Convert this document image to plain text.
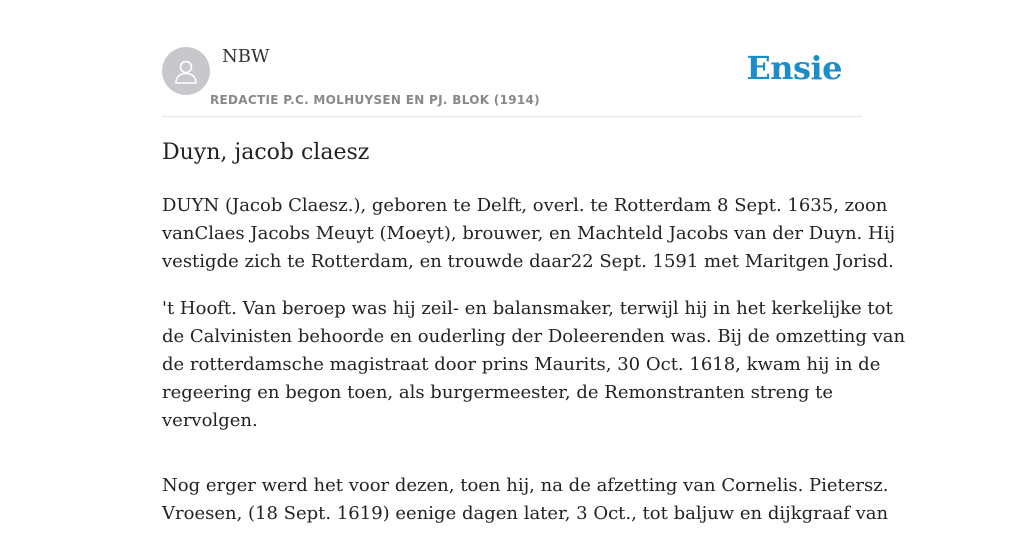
NBW
REDACTIE P.C. MOLHUYSEN EN PJ. BLOK (1914)
Ensie
Duyn, jacob claesz

DUYN (Jacob Claesz.), geboren te Delft, overl. te Rotterdam 8 Sept. 1635, zoon
vanClaes Jacobs Meuyt (Moeyt), brouwer, en Machteld Jacobs van der Duyn. Hij
vestigde zich te Rotterdam, en trouwde daar22 Sept. 1591 met Maritgen Jorisd.

't Hooft. Van beroep was hij zeil- en balansmaker, terwijl hij in het kerkelijke tot
de Calvinisten behoorde en ouderling der Doleerenden was. Bij de omzetting van
de rotterdamsche magistraat door prins Maurits, 30 Oct. 1618, kwam hij in de
regeering en begon toen, als burgermeester, de Remonstranten streng te
vervolgen.

Nog erger werd het voor dezen, toen hij, na de afzetting van Cornelis. Pietersz.
Vroesen, (18 Sept. 1619) eenige dagen later, 3 Oct., tot baljuw en dijkgraaf van
